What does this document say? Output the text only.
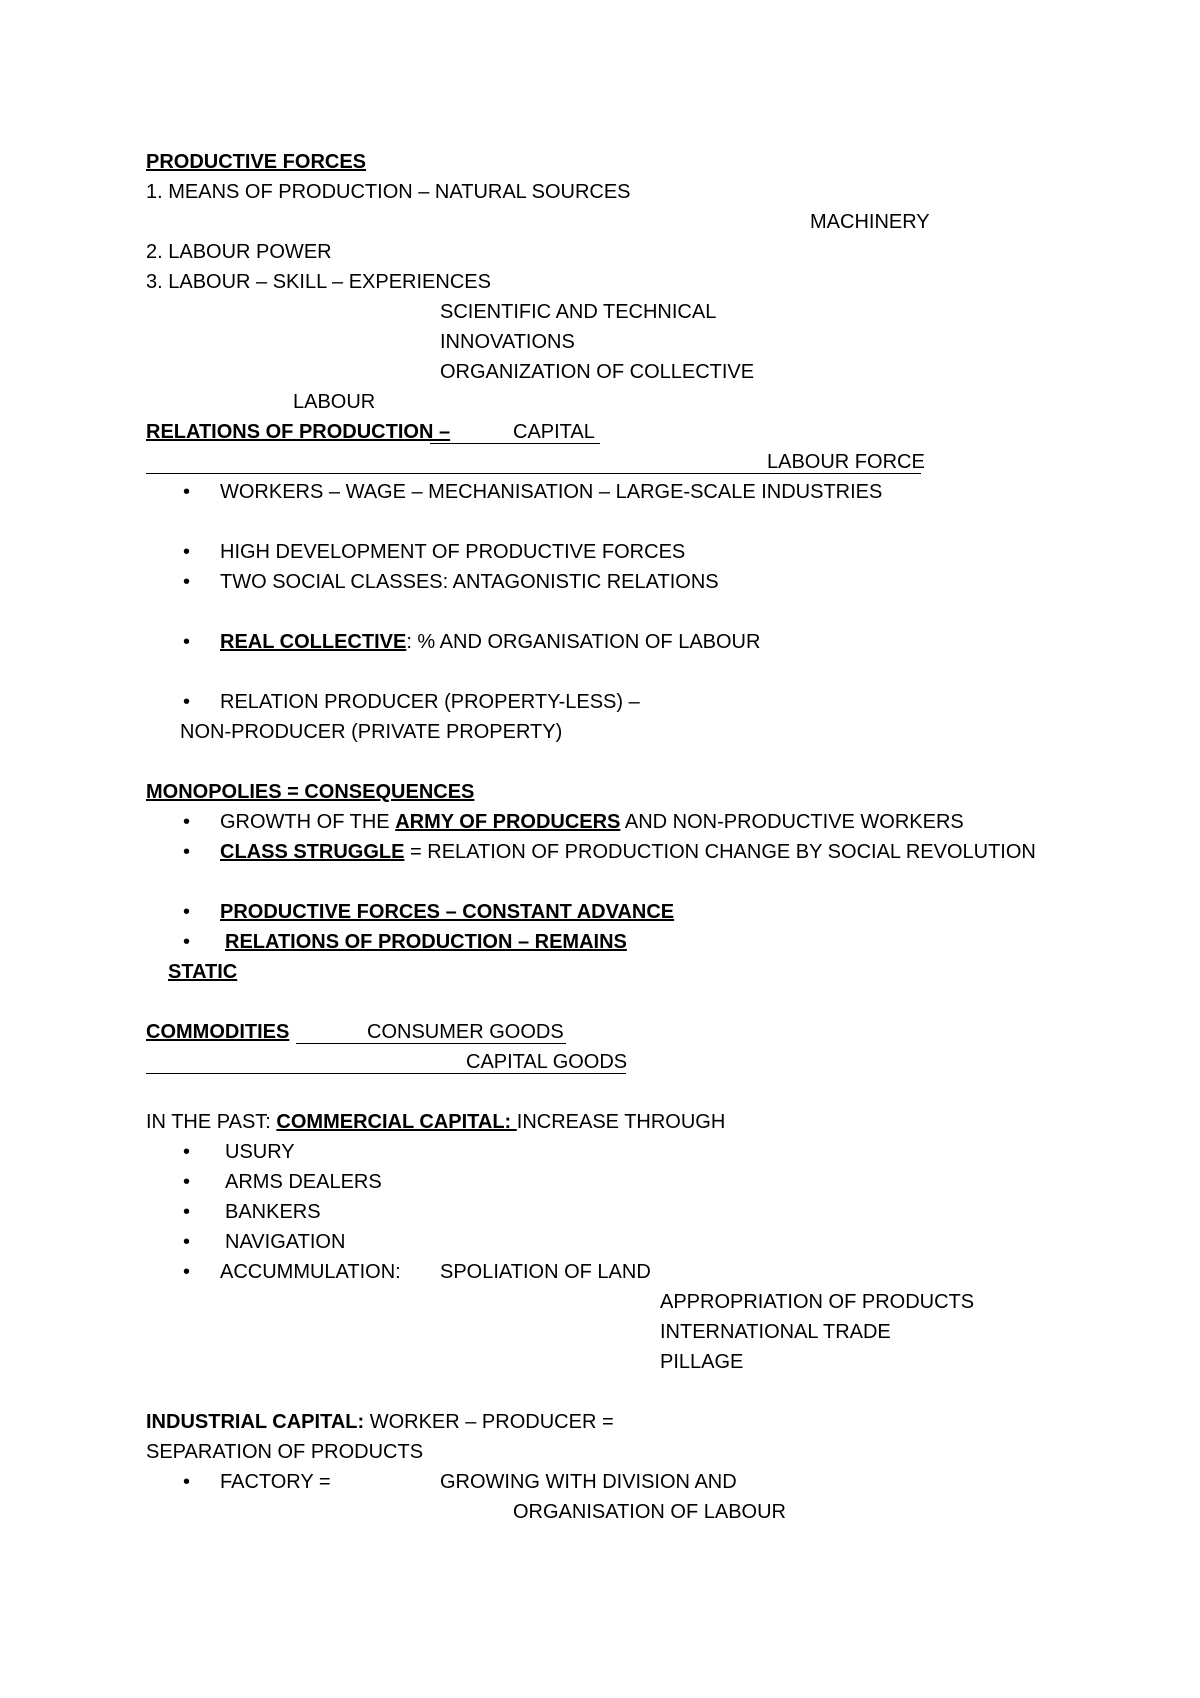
PRODUCTIVE FORCES
1. MEANS OF PRODUCTION – NATURAL SOURCES
MACHINERY
2. LABOUR POWER
3. LABOUR – SKILL – EXPERIENCES
SCIENTIFIC AND TECHNICAL
INNOVATIONS
ORGANIZATION OF COLLECTIVE
LABOUR
RELATIONS OF PRODUCTION –	CAPITAL
LABOUR FORCE
• WORKERS – WAGE – MECHANISATION – LARGE-SCALE INDUSTRIES
• HIGH DEVELOPMENT OF PRODUCTIVE FORCES
• TWO SOCIAL CLASSES: ANTAGONISTIC RELATIONS
• REAL COLLECTIVE: % AND ORGANISATION OF LABOUR
• RELATION PRODUCER (PROPERTY-LESS) –
NON-PRODUCER (PRIVATE PROPERTY)
MONOPOLIES = CONSEQUENCES
• GROWTH OF THE ARMY OF PRODUCERS AND NON-PRODUCTIVE WORKERS
• CLASS STRUGGLE = RELATION OF PRODUCTION CHANGE BY SOCIAL REVOLUTION
• PRODUCTIVE FORCES – CONSTANT ADVANCE
• RELATIONS OF PRODUCTION – REMAINS
STATIC
COMMODITIES	CONSUMER GOODS
CAPITAL GOODS
IN THE PAST: COMMERCIAL CAPITAL: INCREASE THROUGH
• USURY
• ARMS DEALERS
• BANKERS
• NAVIGATION
• ACCUMMULATION: SPOLIATION OF LAND
APPROPRIATION OF PRODUCTS
INTERNATIONAL TRADE
PILLAGE
INDUSTRIAL CAPITAL: WORKER – PRODUCER =
SEPARATION OF PRODUCTS
• FACTORY =	GROWING WITH DIVISION AND
ORGANISATION OF LABOUR
